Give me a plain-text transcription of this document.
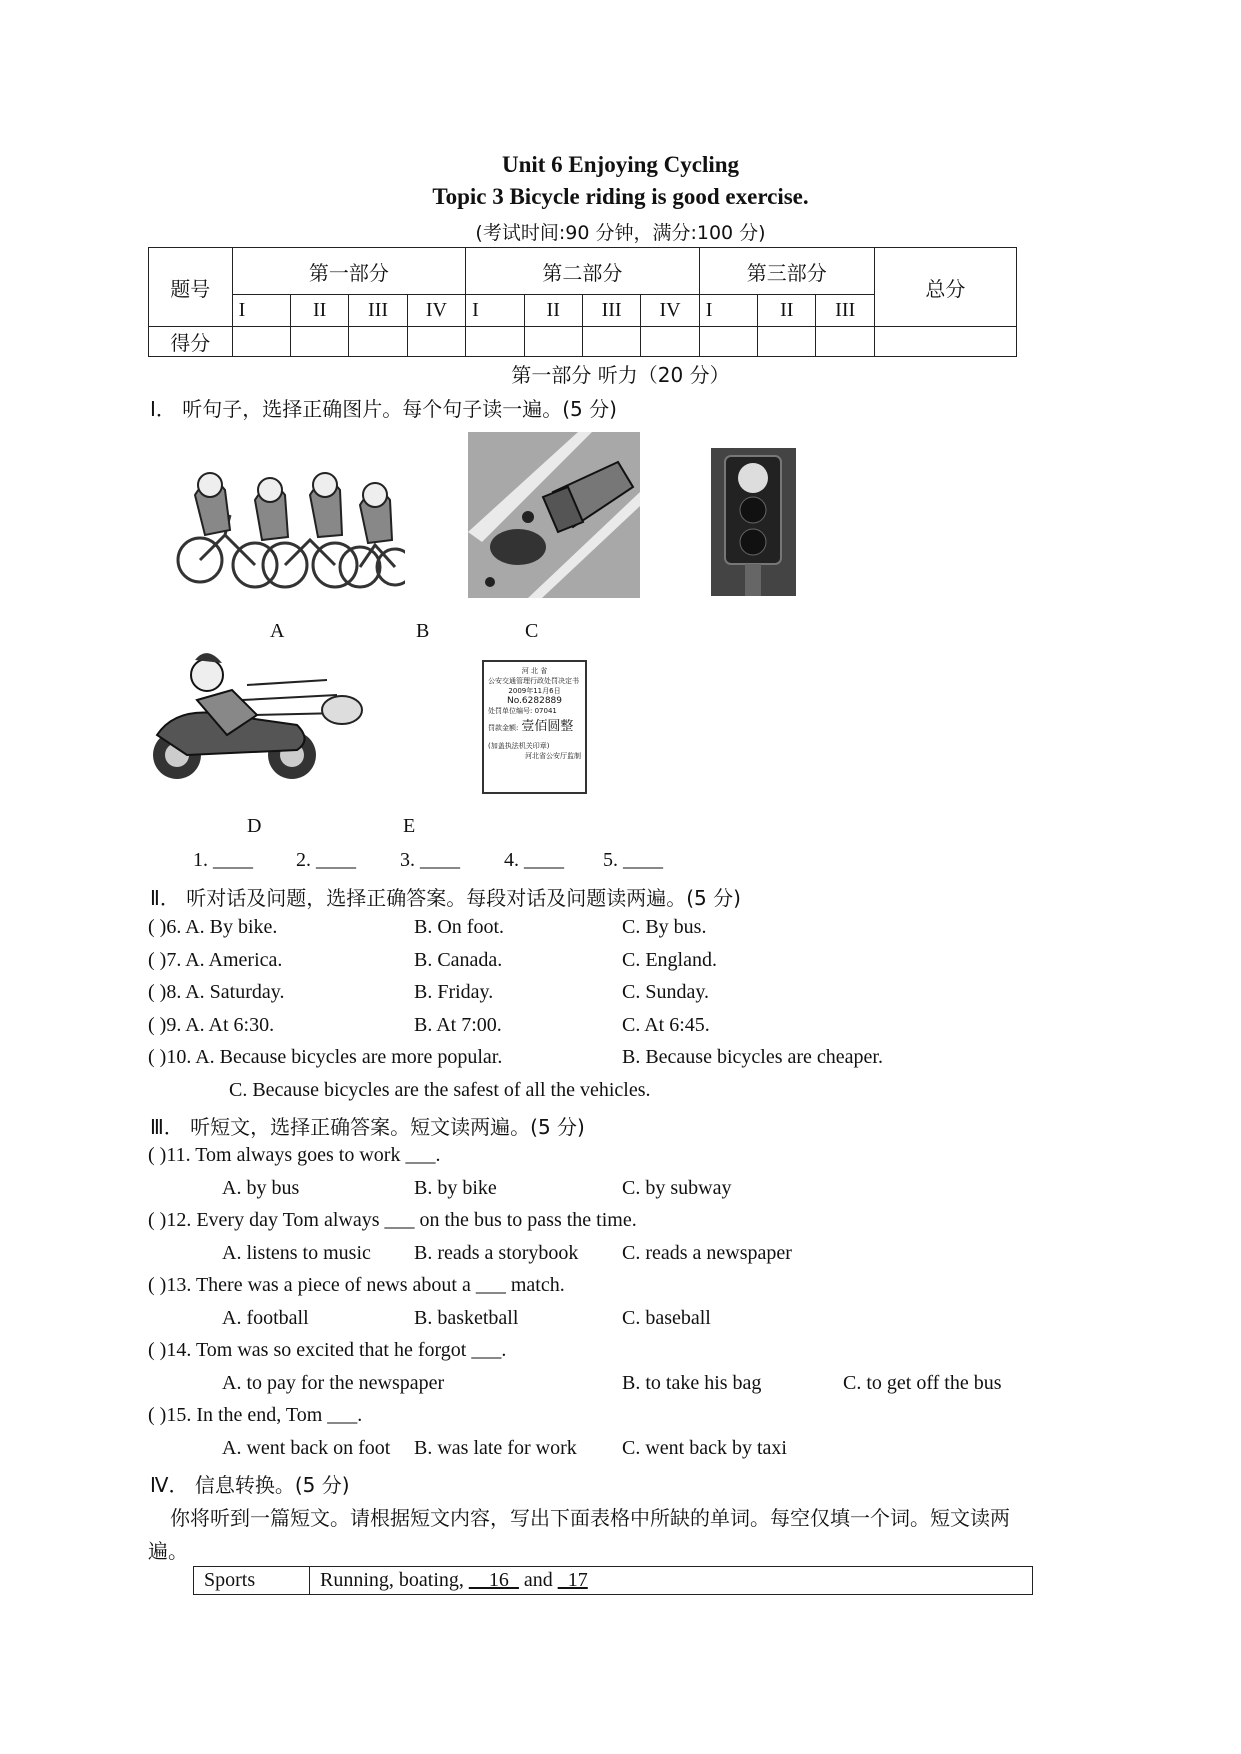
Unit 6 Enjoying Cycling
Topic 3 Bicycle riding is good exercise.
(考试时间:90 分钟，满分:100 分)
题号	第一部分				第二部分				第三部分			总分
	I	II	III	IV	I	II	III	IV	I	II	III	
得分												
第一部分 听力（20 分）
Ⅰ． 听句子，选择正确图片。每个句子读一遍。(5 分)
A	B	C
河 北 省
公安交通管理行政处罚决定书
2009年11月6日
No.6282889
处罚单位编号: 07041
罚款金额: 壹佰圆整
(加盖执法机关印章)
河北省公安厅监制
D	E
1. ____ 2. ____ 3. ____ 4. ____ 5. ____
Ⅱ． 听对话及问题，选择正确答案。每段对话及问题读两遍。(5 分)
( )6. A. By bike.	B. On foot.	C. By bus.
( )7. A. America.	B. Canada.	C. England.
( )8. A. Saturday.	B. Friday.	C. Sunday.
( )9. A. At 6:30.	B. At 7:00.	C. At 6:45.
( )10. A. Because bicycles are more popular.	B. Because bicycles are cheaper.
C. Because bicycles are the safest of all the vehicles.
Ⅲ． 听短文，选择正确答案。短文读两遍。(5 分)
( )11. Tom always goes to work ___.
A. by bus	B. by bike	C. by subway
( )12. Every day Tom always ___ on the bus to pass the time.
A. listens to music B. reads a storybook C. reads a newspaper
( )13. There was a piece of news about a ___ match.
A. football	B. basketball	C. baseball
( )14. Tom was so excited that he forgot ___.
A. to pay for the newspaper	B. to take his bag	C. to get off the bus
( )15. In the end, Tom ___.
A. went back on foot B. was late for work C. went back by taxi
Ⅳ． 信息转换。(5 分)
你将听到一篇短文。请根据短文内容，写出下面表格中所缺的单词。每空仅填一个词。短文读两
遍。
Sports	Running, boating, __16_ and _17
